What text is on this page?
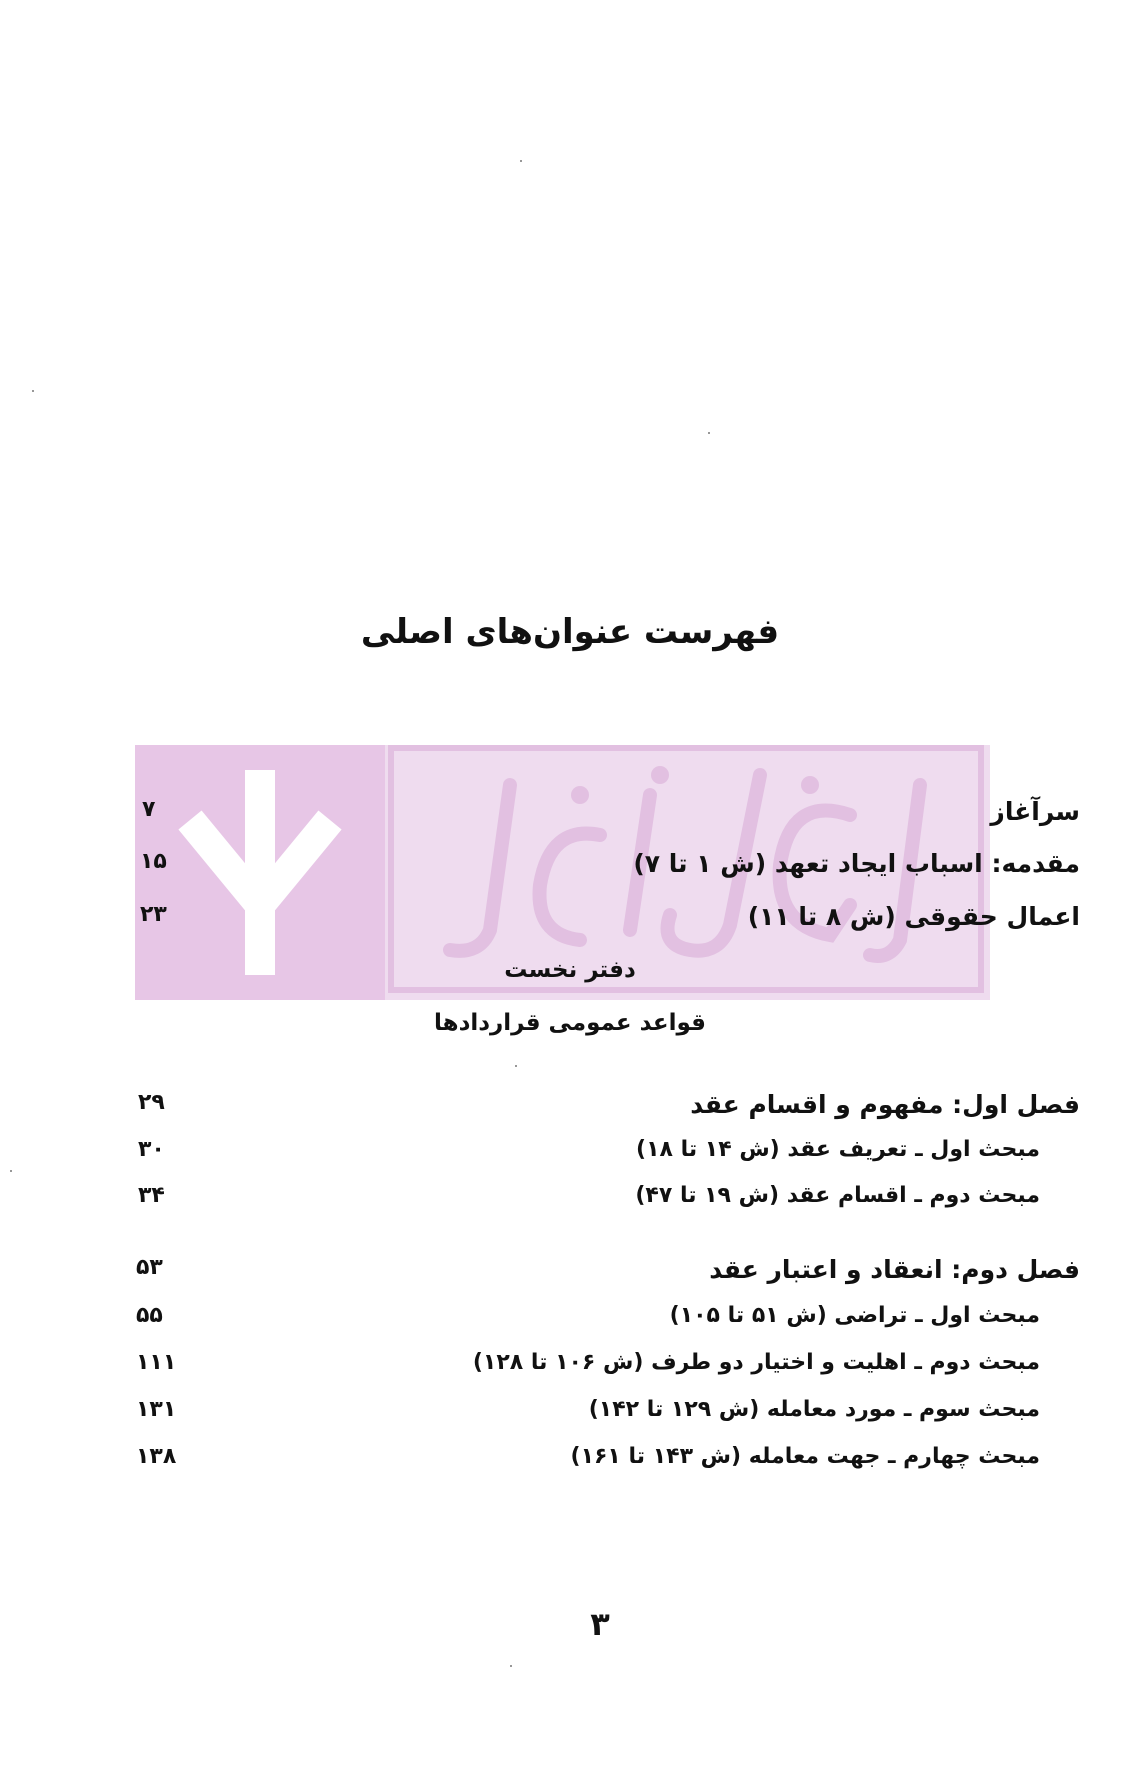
فهرست عنوان‌های اصلی
سرآغاز
۷
مقدمه: اسباب ایجاد تعهد (ش ۱ تا ۷)
۱۵
اعمال حقوقی (ش ۸ تا ۱۱)
۲۳
دفتر نخست
قواعد عمومی قراردادها
فصل اول: مفهوم و اقسام عقد
۲۹
مبحث اول ـ تعریف عقد (ش ۱۴ تا ۱۸)
۳۰
مبحث دوم ـ اقسام عقد (ش ۱۹ تا ۴۷)
۳۴
فصل دوم: انعقاد و اعتبار عقد
۵۳
مبحث اول ـ تراضی (ش ۵۱ تا ۱۰۵)
۵۵
مبحث دوم ـ اهلیت و اختیار دو طرف (ش ۱۰۶ تا ۱۲۸)
۱۱۱
مبحث سوم ـ مورد معامله (ش ۱۲۹ تا ۱۴۲)
۱۳۱
مبحث چهارم ـ جهت معامله (ش ۱۴۳ تا ۱۶۱)
۱۳۸
۳
